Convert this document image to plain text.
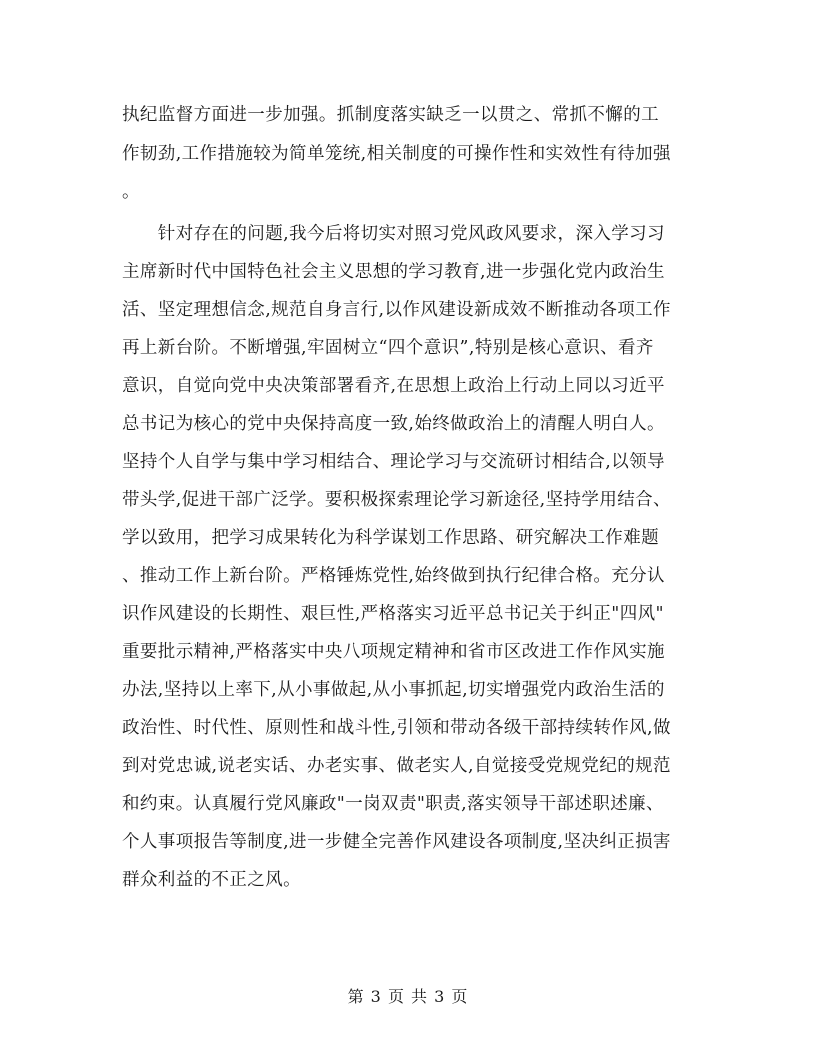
执纪监督方面进一步加强。抓制度落实缺乏一以贯之、常抓不懈的工
作韧劲,工作措施较为简单笼统,相关制度的可操作性和实效性有待加强
。
　　针对存在的问题,我今后将切实对照习党风政风要求，深入学习习
主席新时代中国特色社会主义思想的学习教育,进一步强化党内政治生
活、坚定理想信念,规范自身言行,以作风建设新成效不断推动各项工作
再上新台阶。不断增强,牢固树立“四个意识”,特别是核心意识、看齐
意识，自觉向党中央决策部署看齐,在思想上政治上行动上同以习近平
总书记为核心的党中央保持高度一致,始终做政治上的清醒人明白人。
坚持个人自学与集中学习相结合、理论学习与交流研讨相结合,以领导
带头学,促进干部广泛学。要积极探索理论学习新途径,坚持学用结合、
学以致用，把学习成果转化为科学谋划工作思路、研究解决工作难题
、推动工作上新台阶。严格锤炼党性,始终做到执行纪律合格。充分认
识作风建设的长期性、艰巨性,严格落实习近平总书记关于纠正"四风"
重要批示精神,严格落实中央八项规定精神和省市区改进工作作风实施
办法,坚持以上率下,从小事做起,从小事抓起,切实增强党内政治生活的
政治性、时代性、原则性和战斗性,引领和带动各级干部持续转作风,做
到对党忠诚,说老实话、办老实事、做老实人,自觉接受党规党纪的规范
和约束。认真履行党风廉政"一岗双责"职责,落实领导干部述职述廉、
个人事项报告等制度,进一步健全完善作风建设各项制度,坚决纠正损害
群众利益的不正之风。
第 3 页 共 3 页
